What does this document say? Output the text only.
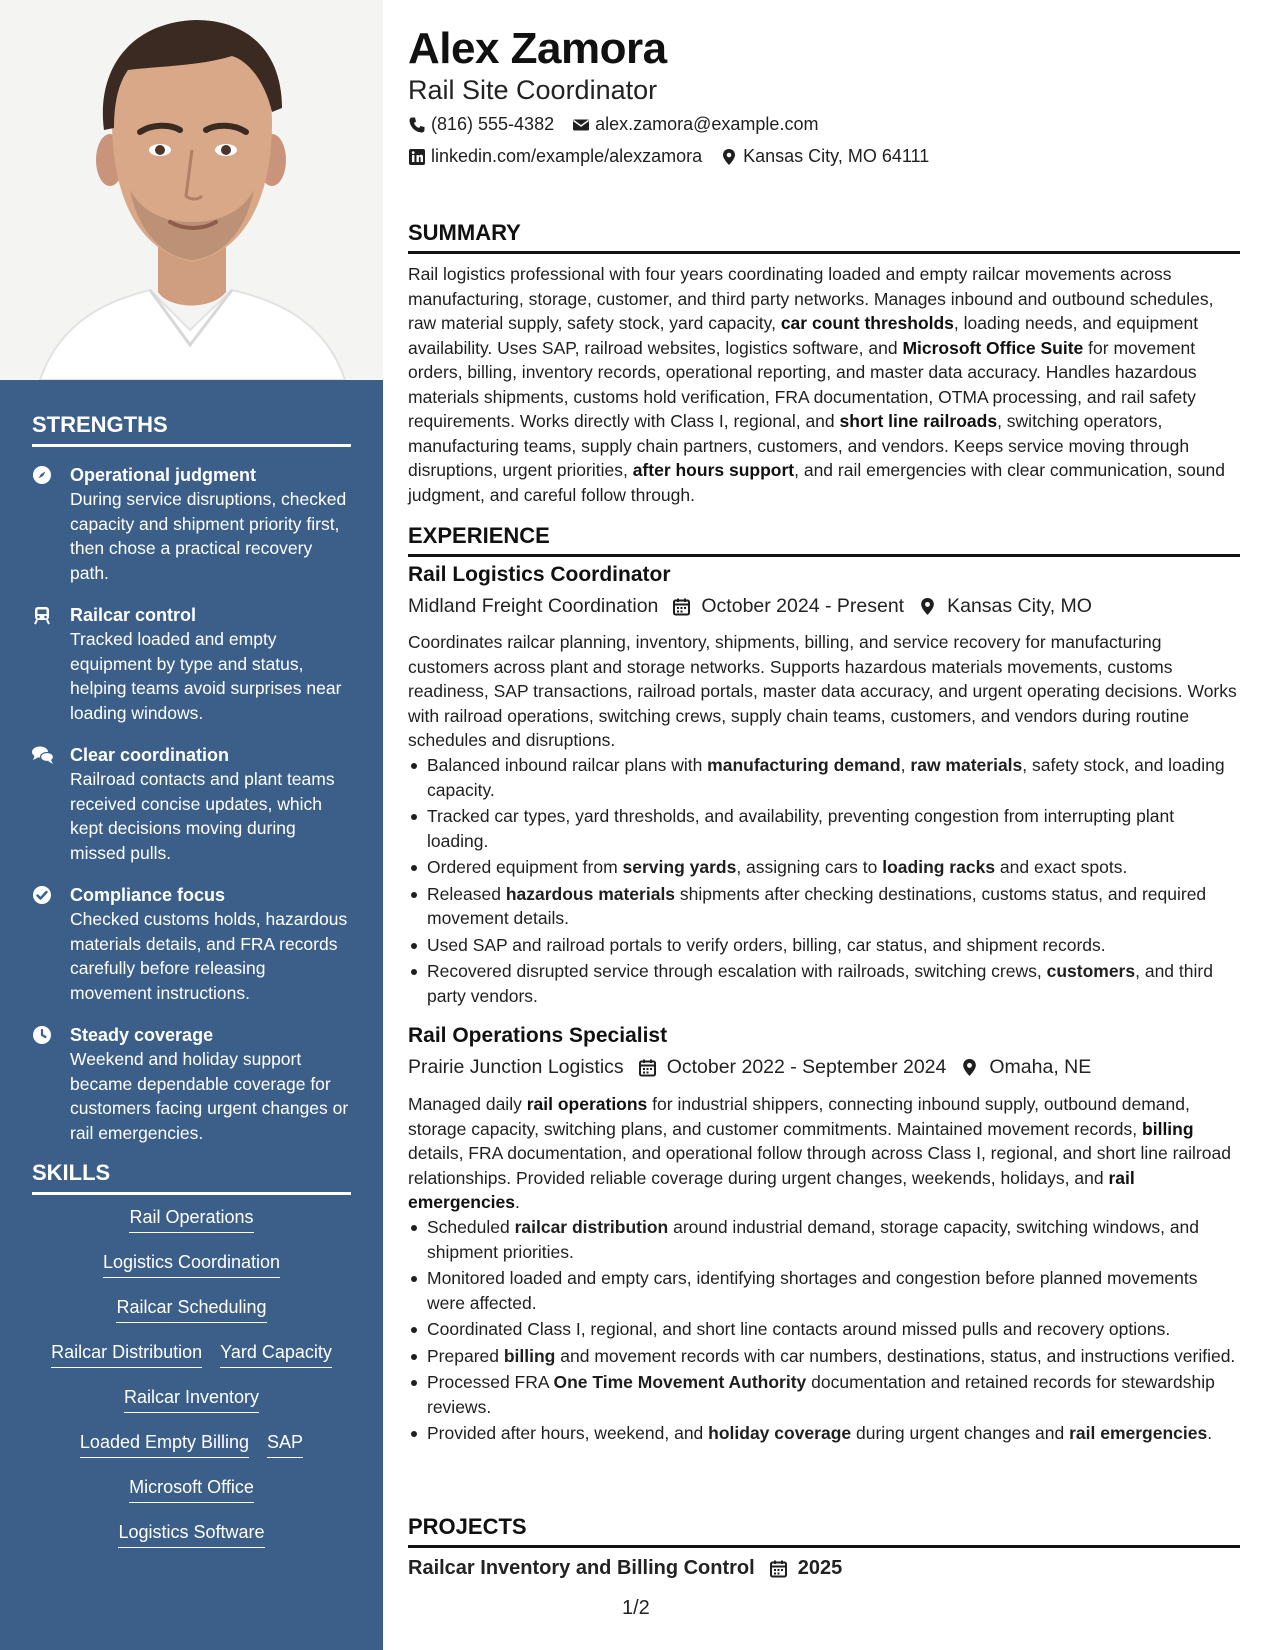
STRENGTHS
Operational judgment
During service disruptions, checked capacity and shipment priority first, then chose a practical recovery path.
Railcar control
Tracked loaded and empty equipment by type and status, helping teams avoid surprises near loading windows.
Clear coordination
Railroad contacts and plant teams received concise updates, which kept decisions moving during missed pulls.
Compliance focus
Checked customs holds, hazardous materials details, and FRA records carefully before releasing movement instructions.
Steady coverage
Weekend and holiday support became dependable coverage for customers facing urgent changes or rail emergencies.
SKILLS
Rail Operations
Logistics Coordination
Railcar Scheduling
Railcar Distribution Yard Capacity
Railcar Inventory
Loaded Empty Billing SAP
Microsoft Office
Logistics Software
Alex Zamora
Rail Site Coordinator
(816) 555-4382 alex.zamora@example.com
linkedin.com/example/alexzamora Kansas City, MO 64111
SUMMARY
Rail logistics professional with four years coordinating loaded and empty railcar movements across manufacturing, storage, customer, and third party networks. Manages inbound and outbound schedules, raw material supply, safety stock, yard capacity, car count thresholds, loading needs, and equipment availability. Uses SAP, railroad websites, logistics software, and Microsoft Office Suite for movement orders, billing, inventory records, operational reporting, and master data accuracy. Handles hazardous materials shipments, customs hold verification, FRA documentation, OTMA processing, and rail safety requirements. Works directly with Class I, regional, and short line railroads, switching operators, manufacturing teams, supply chain partners, customers, and vendors. Keeps service moving through disruptions, urgent priorities, after hours support, and rail emergencies with clear communication, sound judgment, and careful follow through.
EXPERIENCE
Rail Logistics Coordinator
Midland Freight Coordination October 2024 - Present Kansas City, MO
Coordinates railcar planning, inventory, shipments, billing, and service recovery for manufacturing customers across plant and storage networks. Supports hazardous materials movements, customs readiness, SAP transactions, railroad portals, master data accuracy, and urgent operating decisions. Works with railroad operations, switching crews, supply chain teams, customers, and vendors during routine schedules and disruptions.
Balanced inbound railcar plans with manufacturing demand, raw materials, safety stock, and loading capacity.
Tracked car types, yard thresholds, and availability, preventing congestion from interrupting plant loading.
Ordered equipment from serving yards, assigning cars to loading racks and exact spots.
Released hazardous materials shipments after checking destinations, customs status, and required movement details.
Used SAP and railroad portals to verify orders, billing, car status, and shipment records.
Recovered disrupted service through escalation with railroads, switching crews, customers, and third party vendors.
Rail Operations Specialist
Prairie Junction Logistics October 2022 - September 2024 Omaha, NE
Managed daily rail operations for industrial shippers, connecting inbound supply, outbound demand, storage capacity, switching plans, and customer commitments. Maintained movement records, billing details, FRA documentation, and operational follow through across Class I, regional, and short line railroad relationships. Provided reliable coverage during urgent changes, weekends, holidays, and rail emergencies.
Scheduled railcar distribution around industrial demand, storage capacity, switching windows, and shipment priorities.
Monitored loaded and empty cars, identifying shortages and congestion before planned movements were affected.
Coordinated Class I, regional, and short line contacts around missed pulls and recovery options.
Prepared billing and movement records with car numbers, destinations, status, and instructions verified.
Processed FRA One Time Movement Authority documentation and retained records for stewardship reviews.
Provided after hours, weekend, and holiday coverage during urgent changes and rail emergencies.
PROJECTS
Railcar Inventory and Billing Control 2025
1/2
